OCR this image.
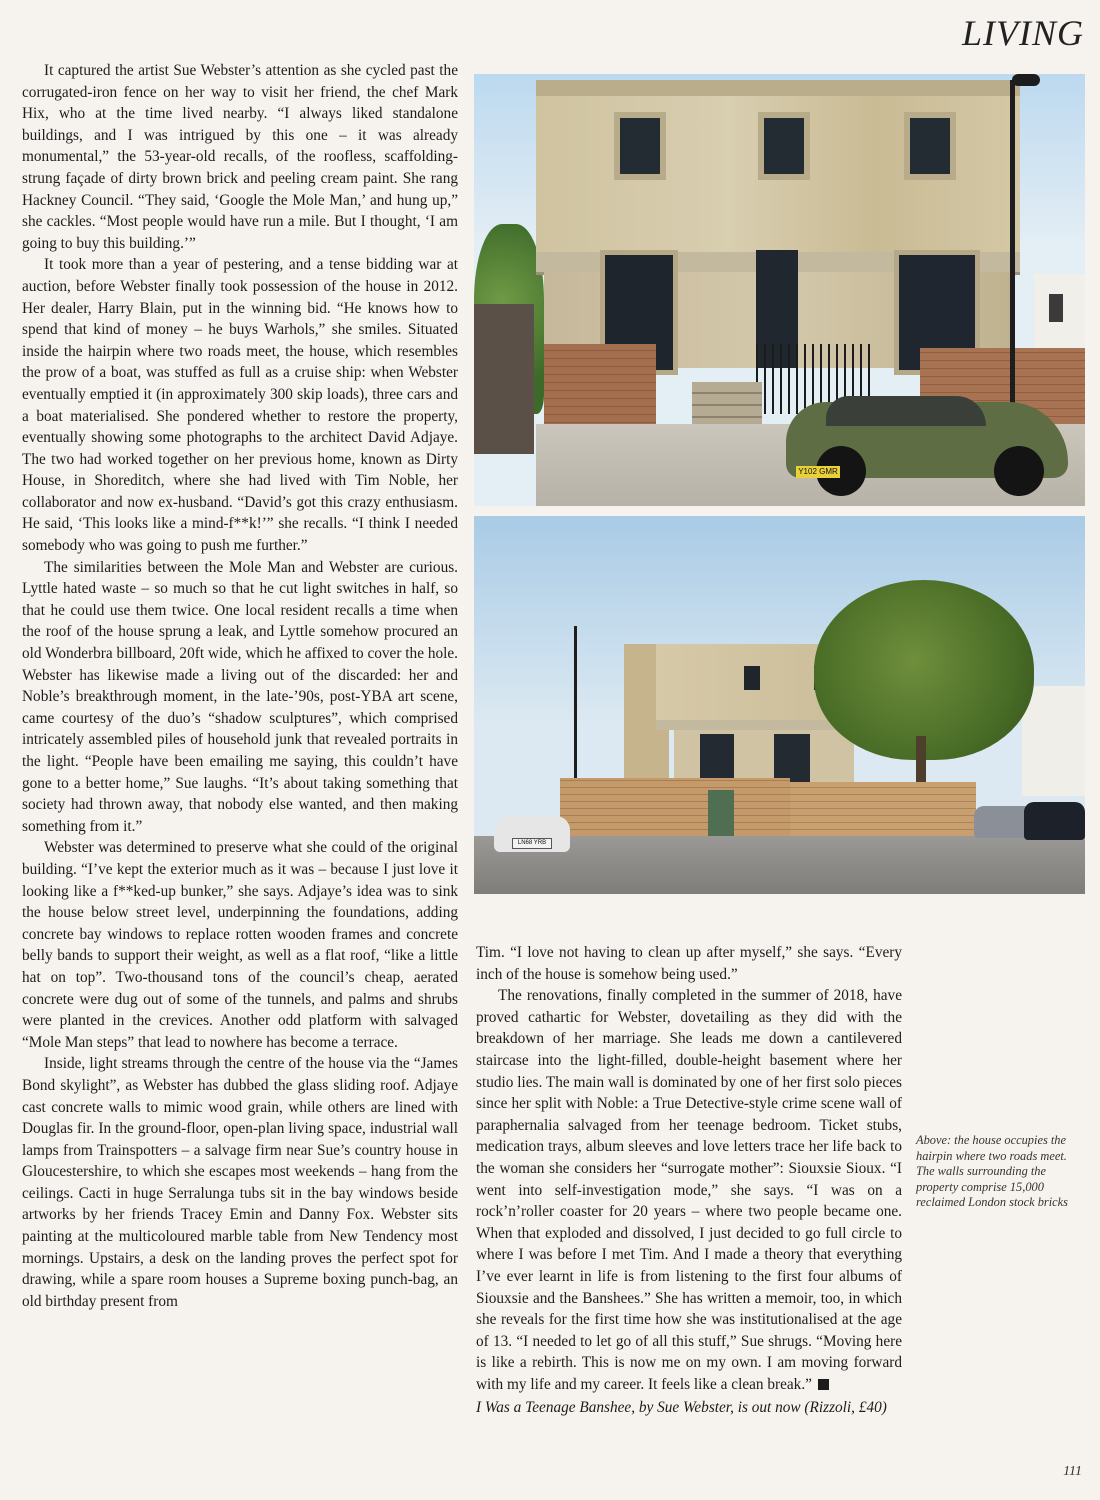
LIVING

It captured the artist Sue Webster’s attention as she cycled past the corrugated-iron fence on her way to visit her friend, the chef Mark Hix, who at the time lived nearby. “I always liked standalone buildings, and I was intrigued by this one – it was already monumental,” the 53-year-old recalls, of the roofless, scaffolding-strung façade of dirty brown brick and peeling cream paint. She rang Hackney Council. “They said, ‘Google the Mole Man,’ and hung up,” she cackles. “Most people would have run a mile. But I thought, ‘I am going to buy this building.’”

It took more than a year of pestering, and a tense bidding war at auction, before Webster finally took possession of the house in 2012. Her dealer, Harry Blain, put in the winning bid. “He knows how to spend that kind of money – he buys Warhols,” she smiles. Situated inside the hairpin where two roads meet, the house, which resembles the prow of a boat, was stuffed as full as a cruise ship: when Webster eventually emptied it (in approximately 300 skip loads), three cars and a boat materialised. She pondered whether to restore the property, eventually showing some photographs to the architect David Adjaye. The two had worked together on her previous home, known as Dirty House, in Shoreditch, where she had lived with Tim Noble, her collaborator and now ex-husband. “David’s got this crazy enthusiasm. He said, ‘This looks like a mind-f**k!’” she recalls. “I think I needed somebody who was going to push me further.”

The similarities between the Mole Man and Webster are curious. Lyttle hated waste – so much so that he cut light switches in half, so that he could use them twice. One local resident recalls a time when the roof of the house sprung a leak, and Lyttle somehow procured an old Wonderbra billboard, 20ft wide, which he affixed to cover the hole. Webster has likewise made a living out of the discarded: her and Noble’s breakthrough moment, in the late-’90s, post-YBA art scene, came courtesy of the duo’s “shadow sculptures”, which comprised intricately assembled piles of household junk that revealed portraits in the light. “People have been emailing me saying, this couldn’t have gone to a better home,” Sue laughs. “It’s about taking something that society had thrown away, that nobody else wanted, and then making something from it.”

Webster was determined to preserve what she could of the original building. “I’ve kept the exterior much as it was – because I just love it looking like a f**ked-up bunker,” she says. Adjaye’s idea was to sink the house below street level, underpinning the foundations, adding concrete bay windows to replace rotten wooden frames and concrete belly bands to support their weight, as well as a flat roof, “like a little hat on top”. Two-thousand tons of the council’s cheap, aerated concrete were dug out of some of the tunnels, and palms and shrubs were planted in the crevices. Another odd platform with salvaged “Mole Man steps” that lead to nowhere has become a terrace.

Inside, light streams through the centre of the house via the “James Bond skylight”, as Webster has dubbed the glass sliding roof. Adjaye cast concrete walls to mimic wood grain, while others are lined with Douglas fir. In the ground-floor, open-plan living space, industrial wall lamps from Trainspotters – a salvage firm near Sue’s country house in Gloucestershire, to which she escapes most weekends – hang from the ceilings. Cacti in huge Serralunga tubs sit in the bay windows beside artworks by her friends Tracey Emin and Danny Fox. Webster sits painting at the multicoloured marble table from New Tendency most mornings. Upstairs, a desk on the landing proves the perfect spot for drawing, while a spare room houses a Supreme boxing punch-bag, an old birthday present from

Y102 GMR
LN68 YRB

Tim. “I love not having to clean up after myself,” she says. “Every inch of the house is somehow being used.”

The renovations, finally completed in the summer of 2018, have proved cathartic for Webster, dovetailing as they did with the breakdown of her marriage. She leads me down a cantilevered staircase into the light-filled, double-height basement where her studio lies. The main wall is dominated by one of her first solo pieces since her split with Noble: a True Detective-style crime scene wall of paraphernalia salvaged from her teenage bedroom. Ticket stubs, medication trays, album sleeves and love letters trace her life back to the woman she considers her “surrogate mother”: Siouxsie Sioux. “I went into self-investigation mode,” she says. “I was on a rock’n’roller coaster for 20 years – where two people became one. When that exploded and dissolved, I just decided to go full circle to where I was before I met Tim. And I made a theory that everything I’ve ever learnt in life is from listening to the first four albums of Siouxsie and the Banshees.” She has written a memoir, too, in which she reveals for the first time how she was institutionalised at the age of 13. “I needed to let go of all this stuff,” Sue shrugs. “Moving here is like a rebirth. This is now me on my own. I am moving forward with my life and my career. It feels like a clean break.”

I Was a Teenage Banshee, by Sue Webster, is out now (Rizzoli, £40)

Above: the house occupies the hairpin where two roads meet. The walls surrounding the property comprise 15,000 reclaimed London stock bricks
111
